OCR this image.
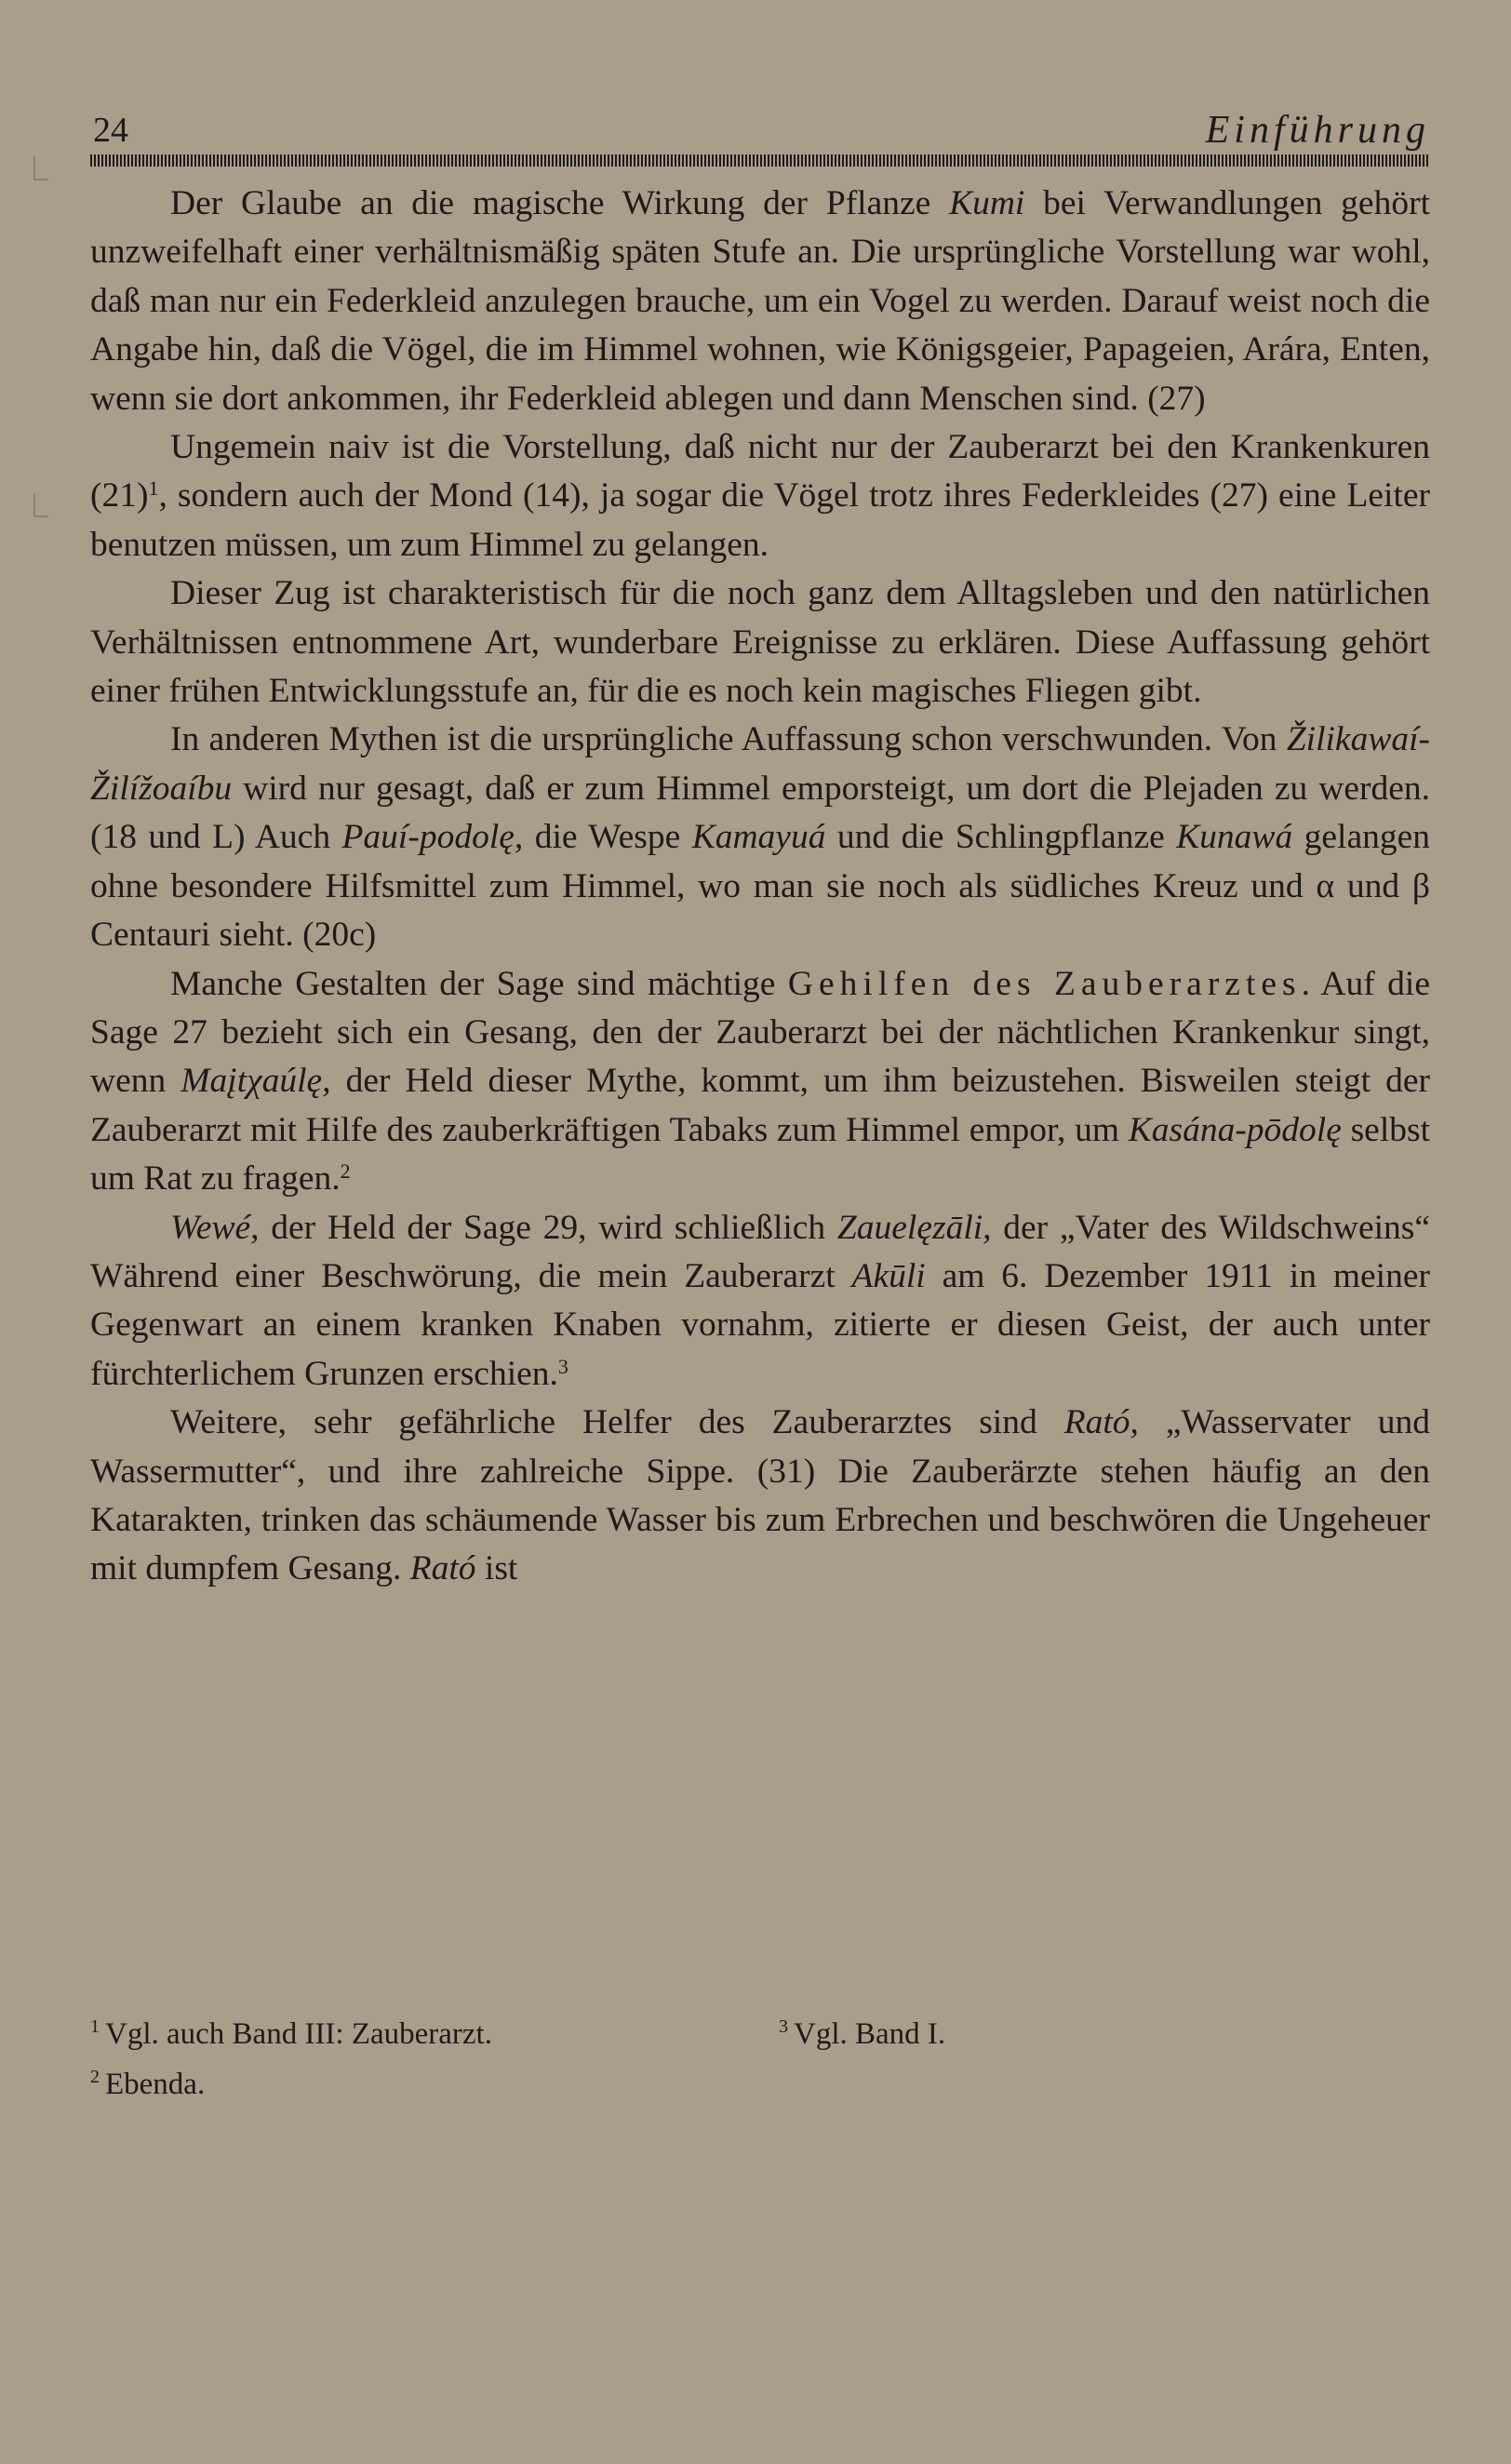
24	Einführung

Der Glaube an die magische Wirkung der Pflanze Kumi bei Verwandlungen gehört unzweifelhaft einer verhältnismäßig späten Stufe an. Die ursprüngliche Vorstellung war wohl, daß man nur ein Federkleid anzulegen brauche, um ein Vogel zu werden. Darauf weist noch die Angabe hin, daß die Vögel, die im Himmel wohnen, wie Königsgeier, Papageien, Arára, Enten, wenn sie dort ankommen, ihr Federkleid ablegen und dann Menschen sind. (27)

Ungemein naiv ist die Vorstellung, daß nicht nur der Zauberarzt bei den Krankenkuren $(21)^1$, sondern auch der Mond (14), ja sogar die Vögel trotz ihres Federkleides (27) eine Leiter benutzen müssen, um zum Himmel zu gelangen.

Dieser Zug ist charakteristisch für die noch ganz dem Alltagsleben und den natürlichen Verhältnissen entnommene Art, wunderbare Ereignisse zu erklären. Diese Auffassung gehört einer frühen Entwicklungsstufe an, für die es noch kein magisches Fliegen gibt.

In anderen Mythen ist die ursprüngliche Auffassung schon verschwunden. Von Žilikawaí-Žilížoaíbu wird nur gesagt, daß er zum Himmel emporsteigt, um dort die Plejaden zu werden. (18 und L) Auch Pauí-podolę, die Wespe Kamayuá und die Schlingpflanze Kunawá gelangen ohne besondere Hilfsmittel zum Himmel, wo man sie noch als südliches Kreuz und α und β Centauri sieht. (20c)

Manche Gestalten der Sage sind mächtige Gehilfen des Zauberarztes. Auf die Sage 27 bezieht sich ein Gesang, den der Zauberarzt bei der nächtlichen Krankenkur singt, wenn Maįtχaúlę, der Held dieser Mythe, kommt, um ihm beizustehen. Bisweilen steigt der Zauberarzt mit Hilfe des zauberkräftigen Tabaks zum Himmel empor, um Kasána-pōdolę selbst um Rat zu fragen.$^2$

Wewé, der Held der Sage 29, wird schließlich Zauelęzāli, der „Vater des Wildschweins“ Während einer Beschwörung, die mein Zauberarzt Akūli am 6. Dezember 1911 in meiner Gegenwart an einem kranken Knaben vornahm, zitierte er diesen Geist, der auch unter fürchterlichem Grunzen erschien.$^3$

Weitere, sehr gefährliche Helfer des Zauberarztes sind Rató, „Wasservater und Wassermutter“, und ihre zahlreiche Sippe. (31) Die Zauberärzte stehen häufig an den Katarakten, trinken das schäumende Wasser bis zum Erbrechen und beschwören die Ungeheuer mit dumpfem Gesang. Rató ist

$^1$ Vgl. auch Band III: Zauberarzt.	$^3$ Vgl. Band I.
$^2$ Ebenda.
